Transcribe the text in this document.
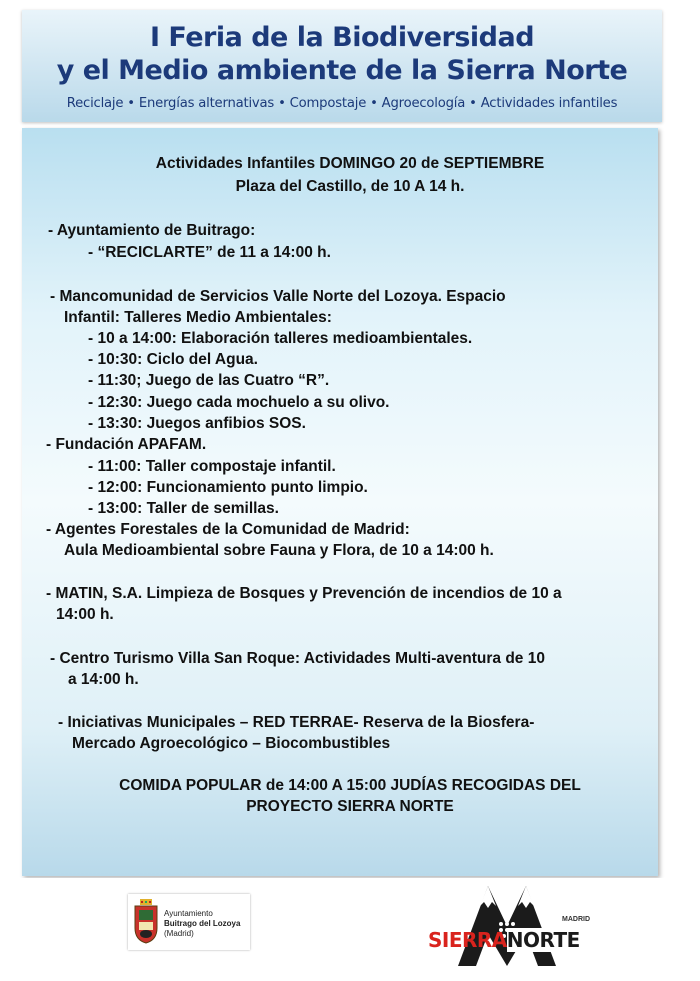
I Feria de la Biodiversidad
y el Medio ambiente de la Sierra Norte
Reciclaje • Energías alternativas • Compostaje • Agroecología • Actividades infantiles
Actividades Infantiles DOMINGO 20 de SEPTIEMBRE
Plaza del Castillo, de 10 A 14 h.
- Ayuntamiento de Buitrago:
- “RECICLARTE” de 11 a 14:00 h.
- Mancomunidad de Servicios Valle Norte del Lozoya. Espacio
Infantil: Talleres Medio Ambientales:
- 10 a 14:00: Elaboración talleres medioambientales.
- 10:30: Ciclo del Agua.
- 11:30; Juego de las Cuatro “R”.
- 12:30: Juego cada mochuelo a su olivo.
- 13:30: Juegos anfibios SOS.
- Fundación APAFAM.
- 11:00: Taller compostaje infantil.
- 12:00: Funcionamiento punto limpio.
- 13:00: Taller de semillas.
- Agentes Forestales de la Comunidad de Madrid:
Aula Medioambiental sobre Fauna y Flora, de 10 a 14:00 h.
- MATIN, S.A. Limpieza de Bosques y Prevención de incendios de 10 a
14:00 h.
- Centro Turismo Villa San Roque: Actividades Multi-aventura de 10
a 14:00 h.
- Iniciativas Municipales – RED TERRAE- Reserva de la Biosfera-
Mercado Agroecológico – Biocombustibles
COMIDA POPULAR de 14:00 A 15:00 JUDÍAS RECOGIDAS DEL
PROYECTO SIERRA NORTE
Ayuntamiento
Buitrago del Lozoya
(Madrid)
MADRID
SIERRANORTE
